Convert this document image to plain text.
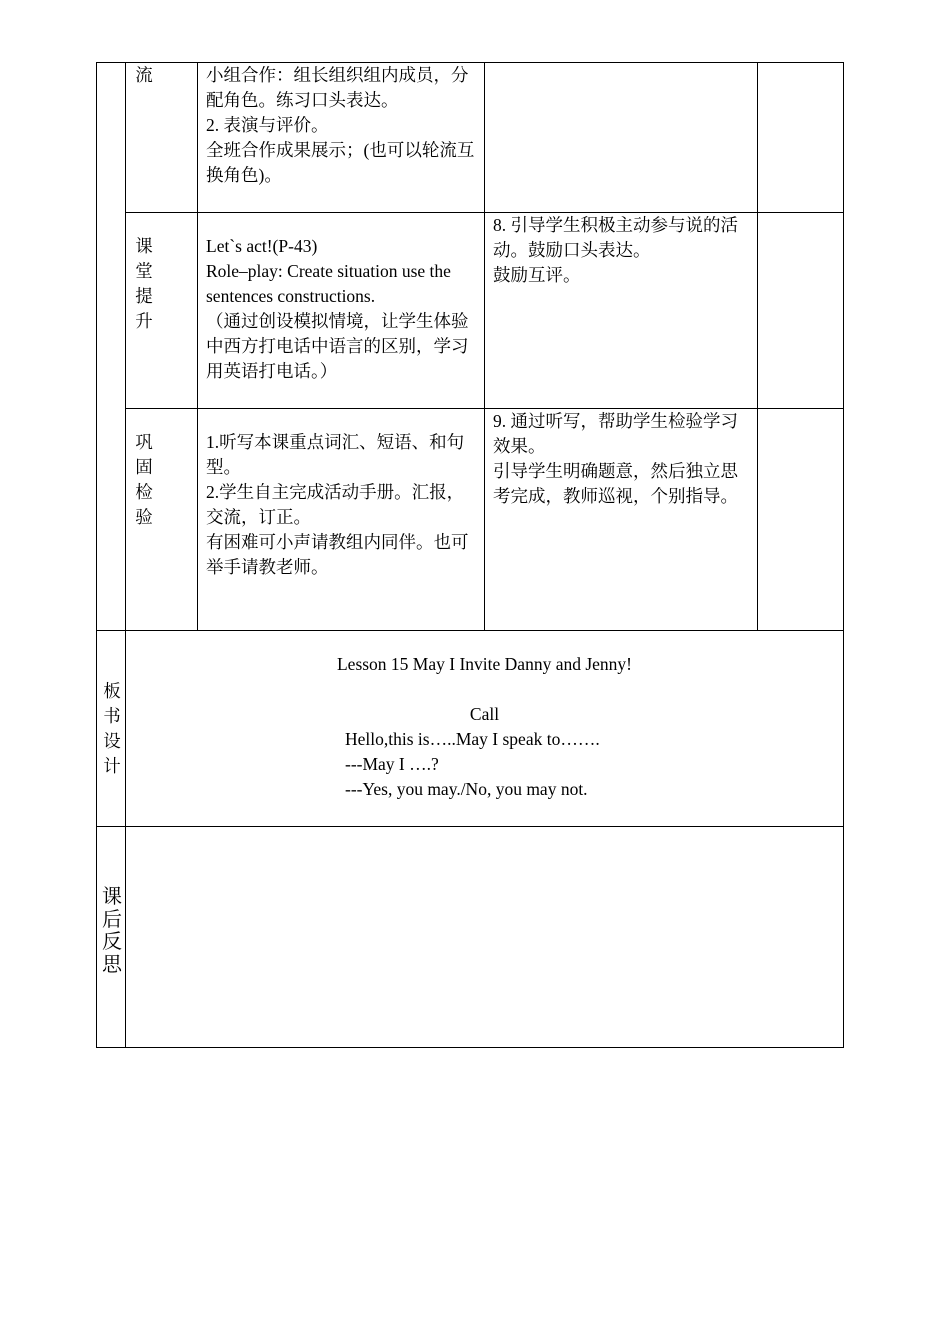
流	小组合作：组长组织组内成员，分配角色。练习口头表达。

2. 表演与评价。

全班合作成果展示；(也可以轮流互换角色)。

课
堂
提
升

Let`s act!(P-43)

Role–play: Create situation use the sentences constructions.

（通过创设模拟情境，让学生体验中西方打电话中语言的区别，学习用英语打电话。）

8. 引导学生积极主动参与说的活动。鼓励口头表达。

鼓励互评。

巩
固
检
验

1.听写本课重点词汇、短语、和句型。

2.学生自主完成活动手册。汇报，交流，订正。

有困难可小声请教组内同伴。也可举手请教老师。

9. 通过听写，帮助学生检验学习效果。

引导学生明确题意，然后独立思考完成，教师巡视，个别指导。

板
书
设
计
Lesson 15 May I Invite Danny and Jenny!
Call

Hello,this is…..May I speak to…….

---May I ….?

---Yes, you may./No, you may not.

课
后
反
思
